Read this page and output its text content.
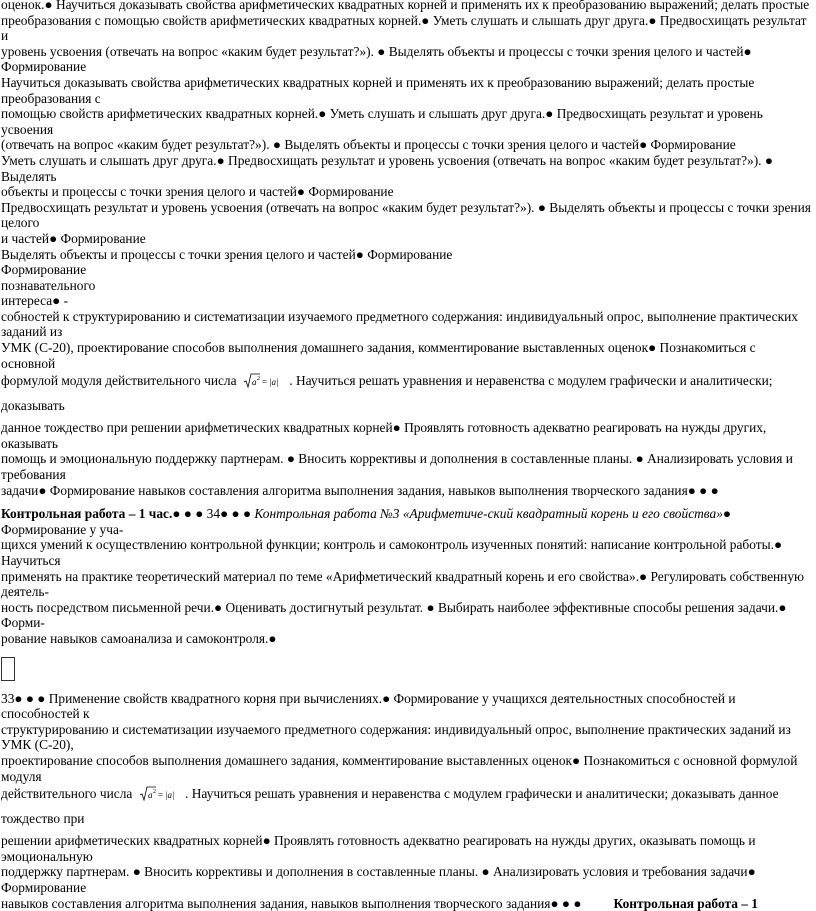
оценок.● Научиться доказывать свойства арифметических квадратных корней и применять их к преобразованию выражений; делать простые

преобразования с помощью свойств арифметических квадратных корней.● Уметь слушать и слышать друг друга.● Предвосхищать результат и

уровень усвоения (отвечать на вопрос «каким будет результат?»). ● Выделять объекты и процессы с точки зрения целого и частей● Формирование

Научиться доказывать свойства арифметических квадратных корней и применять их к преобразованию выражений; делать простые преобразования с

помощью свойств арифметических квадратных корней.● Уметь слушать и слышать друг друга.● Предвосхищать результат и уровень усвоения

(отвечать на вопрос «каким будет результат?»). ● Выделять объекты и процессы с точки зрения целого и частей● Формирование

Уметь слушать и слышать друг друга.● Предвосхищать результат и уровень усвоения (отвечать на вопрос «каким будет результат?»). ● Выделять

объекты и процессы с точки зрения целого и частей● Формирование

Предвосхищать результат и уровень усвоения (отвечать на вопрос «каким будет результат?»). ● Выделять объекты и процессы с точки зрения целого

и частей● Формирование

Выделять объекты и процессы с точки зрения целого и частей● Формирование

Формирование

познавательного

интереса● -

собностей к структурированию и систематизации изучаемого предметного содержания: индивидуальный опрос, выполнение практических заданий из

УМК (С-20), проектирование способов выполнения домашнего задания, комментирование выставленных оценок● Познакомиться с основной

формулой модуля действительного числа a 2 = |a| . Научиться решать уравнения и неравенства с модулем графически и аналитически; доказывать

данное тождество при решении арифметических квадратных корней● Проявлять готовность адекватно реагировать на нужды других, оказывать

помощь и эмоциональную поддержку партнерам. ● Вносить коррективы и дополнения в составленные планы. ● Анализировать условия и требования

задачи● Формирование навыков составления алгоритма выполнения задания, навыков выполнения творческого задания● ● ●

Контрольная работа – 1 час.● ● ● 34● ● ● Контрольная работа №3 «Арифметиче-ский квадратный корень и его свойства»● Формирование у уча-

щихся умений к осуществлению контрольной функции; контроль и самоконтроль изученных понятий: написание контрольной работы.● Научиться

применять на практике теоретический материал по теме «Арифметический квадратный корень и его свойства».● Регулировать собственную деятель-

ность посредством письменной речи.● Оценивать достигнутый результат. ● Выбирать наиболее эффективные способы решения задачи.● Форми-

рование навыков самоанализа и самоконтроля.●

33● ● ● Применение свойств квадратного корня при вычислениях.● Формирование у учащихся деятельностных способностей и способностей к

структурированию и систематизации изучаемого предметного содержания: индивидуальный опрос, выполнение практических заданий из УМК (С-20),

проектирование способов выполнения домашнего задания, комментирование выставленных оценок● Познакомиться с основной формулой модуля

действительного числа a 2 = |a| . Научиться решать уравнения и неравенства с модулем графически и аналитически; доказывать данное тождество при

решении арифметических квадратных корней● Проявлять готовность адекватно реагировать на нужды других, оказывать помощь и эмоциональную

поддержку партнерам. ● Вносить коррективы и дополнения в составленные планы. ● Анализировать условия и требования задачи● Формирование

навыков составления алгоритма выполнения задания, навыков выполнения творческого задания● ● ● Контрольная работа – 1
